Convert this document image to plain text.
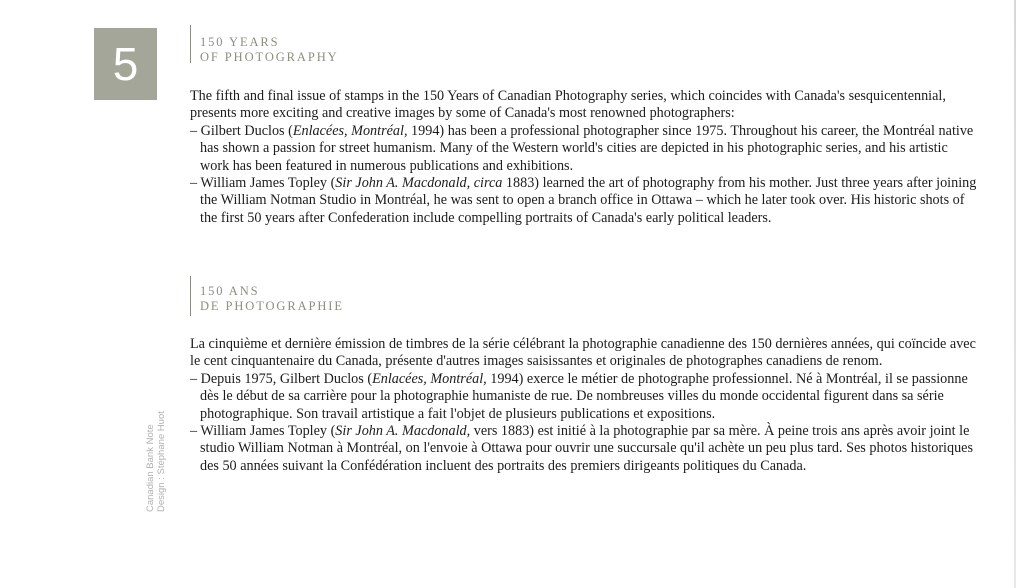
5	150 YEARS
OF PHOTOGRAPHY

The fifth and final issue of stamps in the 150 Years of Canadian Photography series, which coincides with Canada's sesquicentennial, presents more exciting and creative images by some of Canada's most renowned photographers:

– Gilbert Duclos (Enlacées, Montréal, 1994) has been a professional photographer since 1975. Throughout his career, the Montréal native has shown a passion for street humanism. Many of the Western world's cities are depicted in his photographic series, and his artistic work has been featured in numerous publications and exhibitions.

– William James Topley (Sir John A. Macdonald, circa 1883) learned the art of photography from his mother. Just three years after joining the William Notman Studio in Montréal, he was sent to open a branch office in Ottawa – which he later took over. His historic shots of the first 50 years after Confederation include compelling portraits of Canada's early political leaders.

150 ANS
DE PHOTOGRAPHIE

La cinquième et dernière émission de timbres de la série célébrant la photographie canadienne des 150 dernières années, qui coïncide avec le cent cinquantenaire du Canada, présente d'autres images saisissantes et originales de photographes canadiens de renom.

– Depuis 1975, Gilbert Duclos (Enlacées, Montréal, 1994) exerce le métier de photographe professionnel. Né à Montréal, il se passionne dès le début de sa carrière pour la photographie humaniste de rue. De nombreuses villes du monde occidental figurent dans sa série photographique. Son travail artistique a fait l'objet de plusieurs publications et expositions.

– William James Topley (Sir John A. Macdonald, vers 1883) est initié à la photographie par sa mère. À peine trois ans après avoir joint le studio William Notman à Montréal, on l'envoie à Ottawa pour ouvrir une succursale qu'il achète un peu plus tard. Ses photos historiques des 50 années suivant la Confédération incluent des portraits des premiers dirigeants politiques du Canada.

Canadian Bank Note Design : Stéphane Huot
